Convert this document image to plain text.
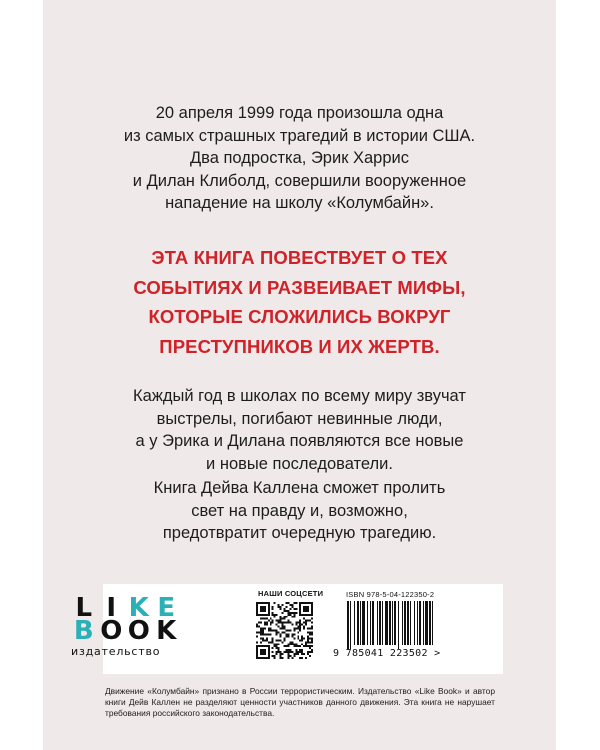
20 апреля 1999 года произошла одна
из самых страшных трагедий в истории США.
Два подростка, Эрик Харрис
и Дилан Клиболд, совершили вооруженное
нападение на школу «Колумбайн».
ЭТА КНИГА ПОВЕСТВУЕТ О ТЕХ
СОБЫТИЯХ И РАЗВЕИВАЕТ МИФЫ,
КОТОРЫЕ СЛОЖИЛИСЬ ВОКРУГ
ПРЕСТУПНИКОВ И ИХ ЖЕРТВ.
Каждый год в школах по всему миру звучат
выстрелы, погибают невинные люди,
а у Эрика и Дилана появляются все новые
и новые последователи.
Книга Дейва Каллена сможет пролить
свет на правду и, возможно,
предотвратит очередную трагедию.
L I K E
B O O K
издательство
НАШИ СОЦСЕТИ	ISBN 978-5-04-122350-2
9 785041 223502 >
Движение «Колумбайн» признано в России террористическим. Издательство «Like Book» и автор книги Дейв Каллен не разделяют ценности участников данного движения. Эта книга не нарушает требования российского законодательства.
